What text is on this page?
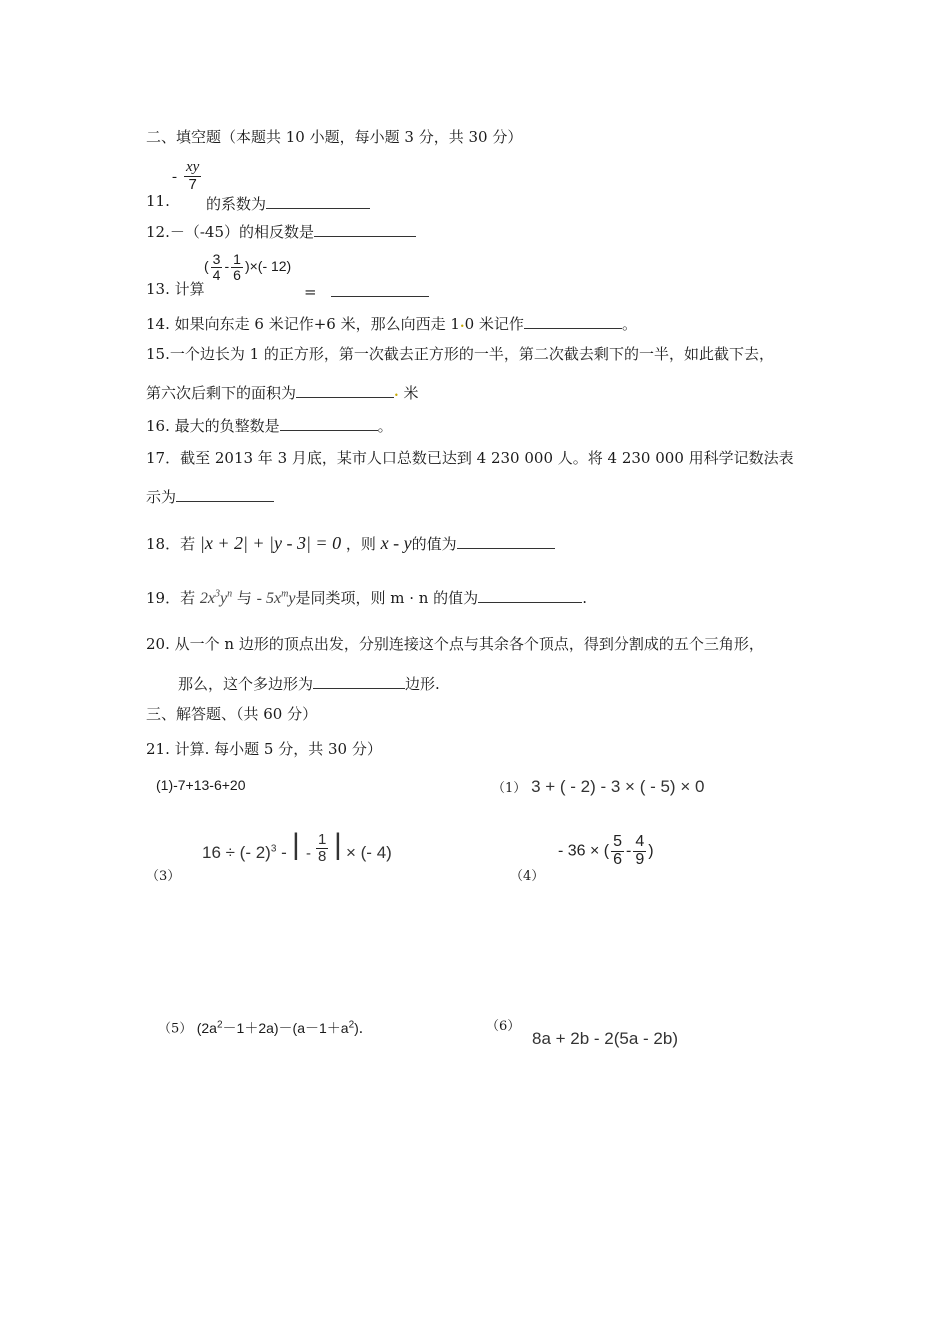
二、填空题（本题共 10 小题，每小题 3 分，共 30 分）
11.
- $\frac{xy}{7}$
的系数为
12.－（-45）的相反数是
13. 计算
( $\frac{3}{4} - \frac{1}{6}$ )×(- 12)
=
14. 如果向东走 6 米记作+6 米，那么向西走 1•0 米记作	。
15.一个边长为 1 的正方形，第一次截去正方形的一半，第二次截去剩下的一半，如此截下去，
第六次后剩下的面积为	• 米
16. 最大的负整数是	。
17．截至 2013 年 3 月底，某市人口总数已达到 4 230 000 人。将 4 230 000 用科学记数法表
示为
18．若 |x + 2| + |y - 3| = 0 ，则 x - y的值为
19．若 $2x^3y^n$ 与 - $5x^my$是同类项，则 m · n 的值为	.
20. 从一个 n 边形的顶点出发，分别连接这个点与其余各个顶点，得到分割成的五个三角形，
那么，这个多边形为	边形.
三、解答题、（共 60 分）
21. 计算. 每小题 5 分，共 30 分）
(1)-7+13-6+20	（1） 3 + ( - 2) - 3 × ( - 5) × 0
（3）
16 ÷ (- 2)$^3$ - | - $\frac{1}{8}$ | × (- 4)
（4）
- 36 × ( $\frac{5}{6} - \frac{4}{9}$ )
（5） $(2a^2-1+2a)-(a-1+a^2)$．	（6）
8a + 2b - 2(5a - 2b)
